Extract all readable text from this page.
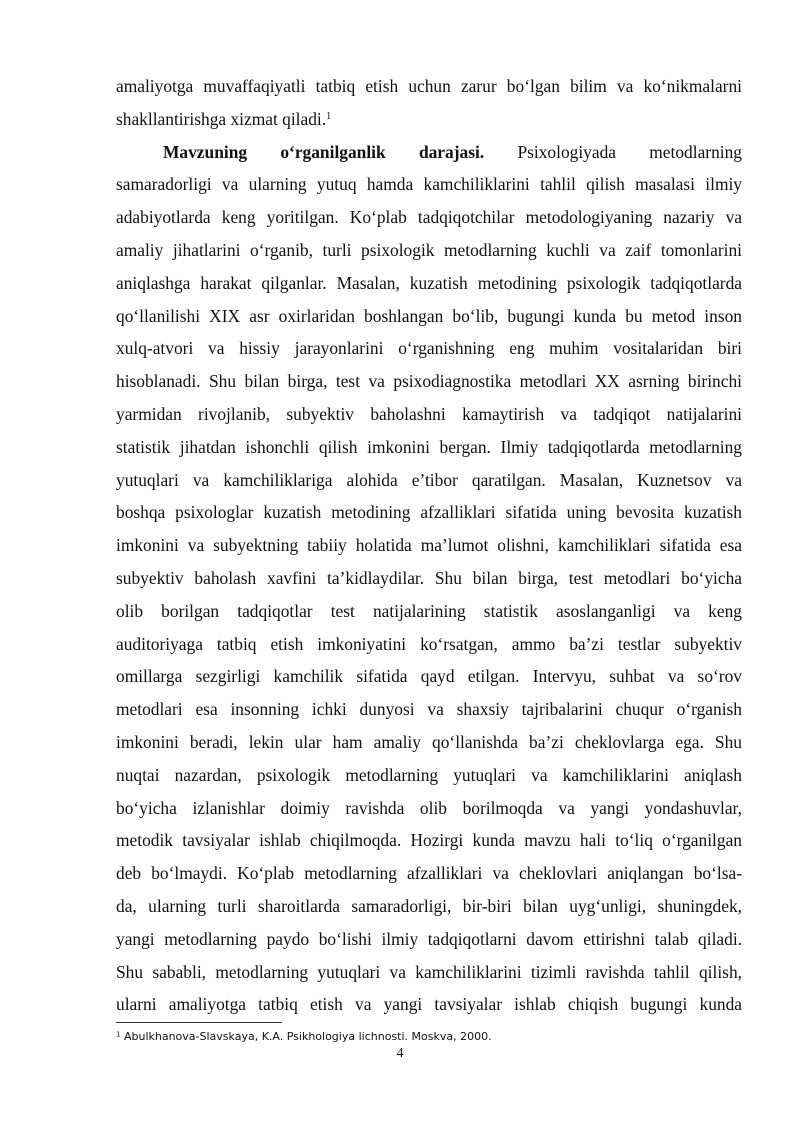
amaliyotga muvaffaqiyatli tatbiq etish uchun zarur bo‘lgan bilim va ko‘nikmalarni
shakllantirishga xizmat qiladi.$^1$
Mavzuning o‘rganilganlik darajasi. Psixologiyada metodlarning
samaradorligi va ularning yutuq hamda kamchiliklarini tahlil qilish masalasi ilmiy
adabiyotlarda keng yoritilgan. Ko‘plab tadqiqotchilar metodologiyaning nazariy va
amaliy jihatlarini o‘rganib, turli psixologik metodlarning kuchli va zaif tomonlarini
aniqlashga harakat qilganlar. Masalan, kuzatish metodining psixologik tadqiqotlarda
qo‘llanilishi XIX asr oxirlaridan boshlangan bo‘lib, bugungi kunda bu metod inson
xulq-atvori va hissiy jarayonlarini o‘rganishning eng muhim vositalaridan biri
hisoblanadi. Shu bilan birga, test va psixodiagnostika metodlari XX asrning birinchi
yarmidan rivojlanib, subyektiv baholashni kamaytirish va tadqiqot natijalarini
statistik jihatdan ishonchli qilish imkonini bergan. Ilmiy tadqiqotlarda metodlarning
yutuqlari va kamchiliklariga alohida e’tibor qaratilgan. Masalan, Kuznetsov va
boshqa psixologlar kuzatish metodining afzalliklari sifatida uning bevosita kuzatish
imkonini va subyektning tabiiy holatida ma’lumot olishni, kamchiliklari sifatida esa
subyektiv baholash xavfini ta’kidlaydilar. Shu bilan birga, test metodlari bo‘yicha
olib borilgan tadqiqotlar test natijalarining statistik asoslanganligi va keng
auditoriyaga tatbiq etish imkoniyatini ko‘rsatgan, ammo ba’zi testlar subyektiv
omillarga sezgirligi kamchilik sifatida qayd etilgan. Intervyu, suhbat va so‘rov
metodlari esa insonning ichki dunyosi va shaxsiy tajribalarini chuqur o‘rganish
imkonini beradi, lekin ular ham amaliy qo‘llanishda ba’zi cheklovlarga ega. Shu
nuqtai nazardan, psixologik metodlarning yutuqlari va kamchiliklarini aniqlash
bo‘yicha izlanishlar doimiy ravishda olib borilmoqda va yangi yondashuvlar,
metodik tavsiyalar ishlab chiqilmoqda. Hozirgi kunda mavzu hali to‘liq o‘rganilgan
deb bo‘lmaydi. Ko‘plab metodlarning afzalliklari va cheklovlari aniqlangan bo‘lsa-
da, ularning turli sharoitlarda samaradorligi, bir-biri bilan uyg‘unligi, shuningdek,
yangi metodlarning paydo bo‘lishi ilmiy tadqiqotlarni davom ettirishni talab qiladi.
Shu sababli, metodlarning yutuqlari va kamchiliklarini tizimli ravishda tahlil qilish,
ularni amaliyotga tatbiq etish va yangi tavsiyalar ishlab chiqish bugungi kunda
$^1$ Abulkhanova-Slavskaya, K.A. Psikhologiya lichnosti. Moskva, 2000.
4
